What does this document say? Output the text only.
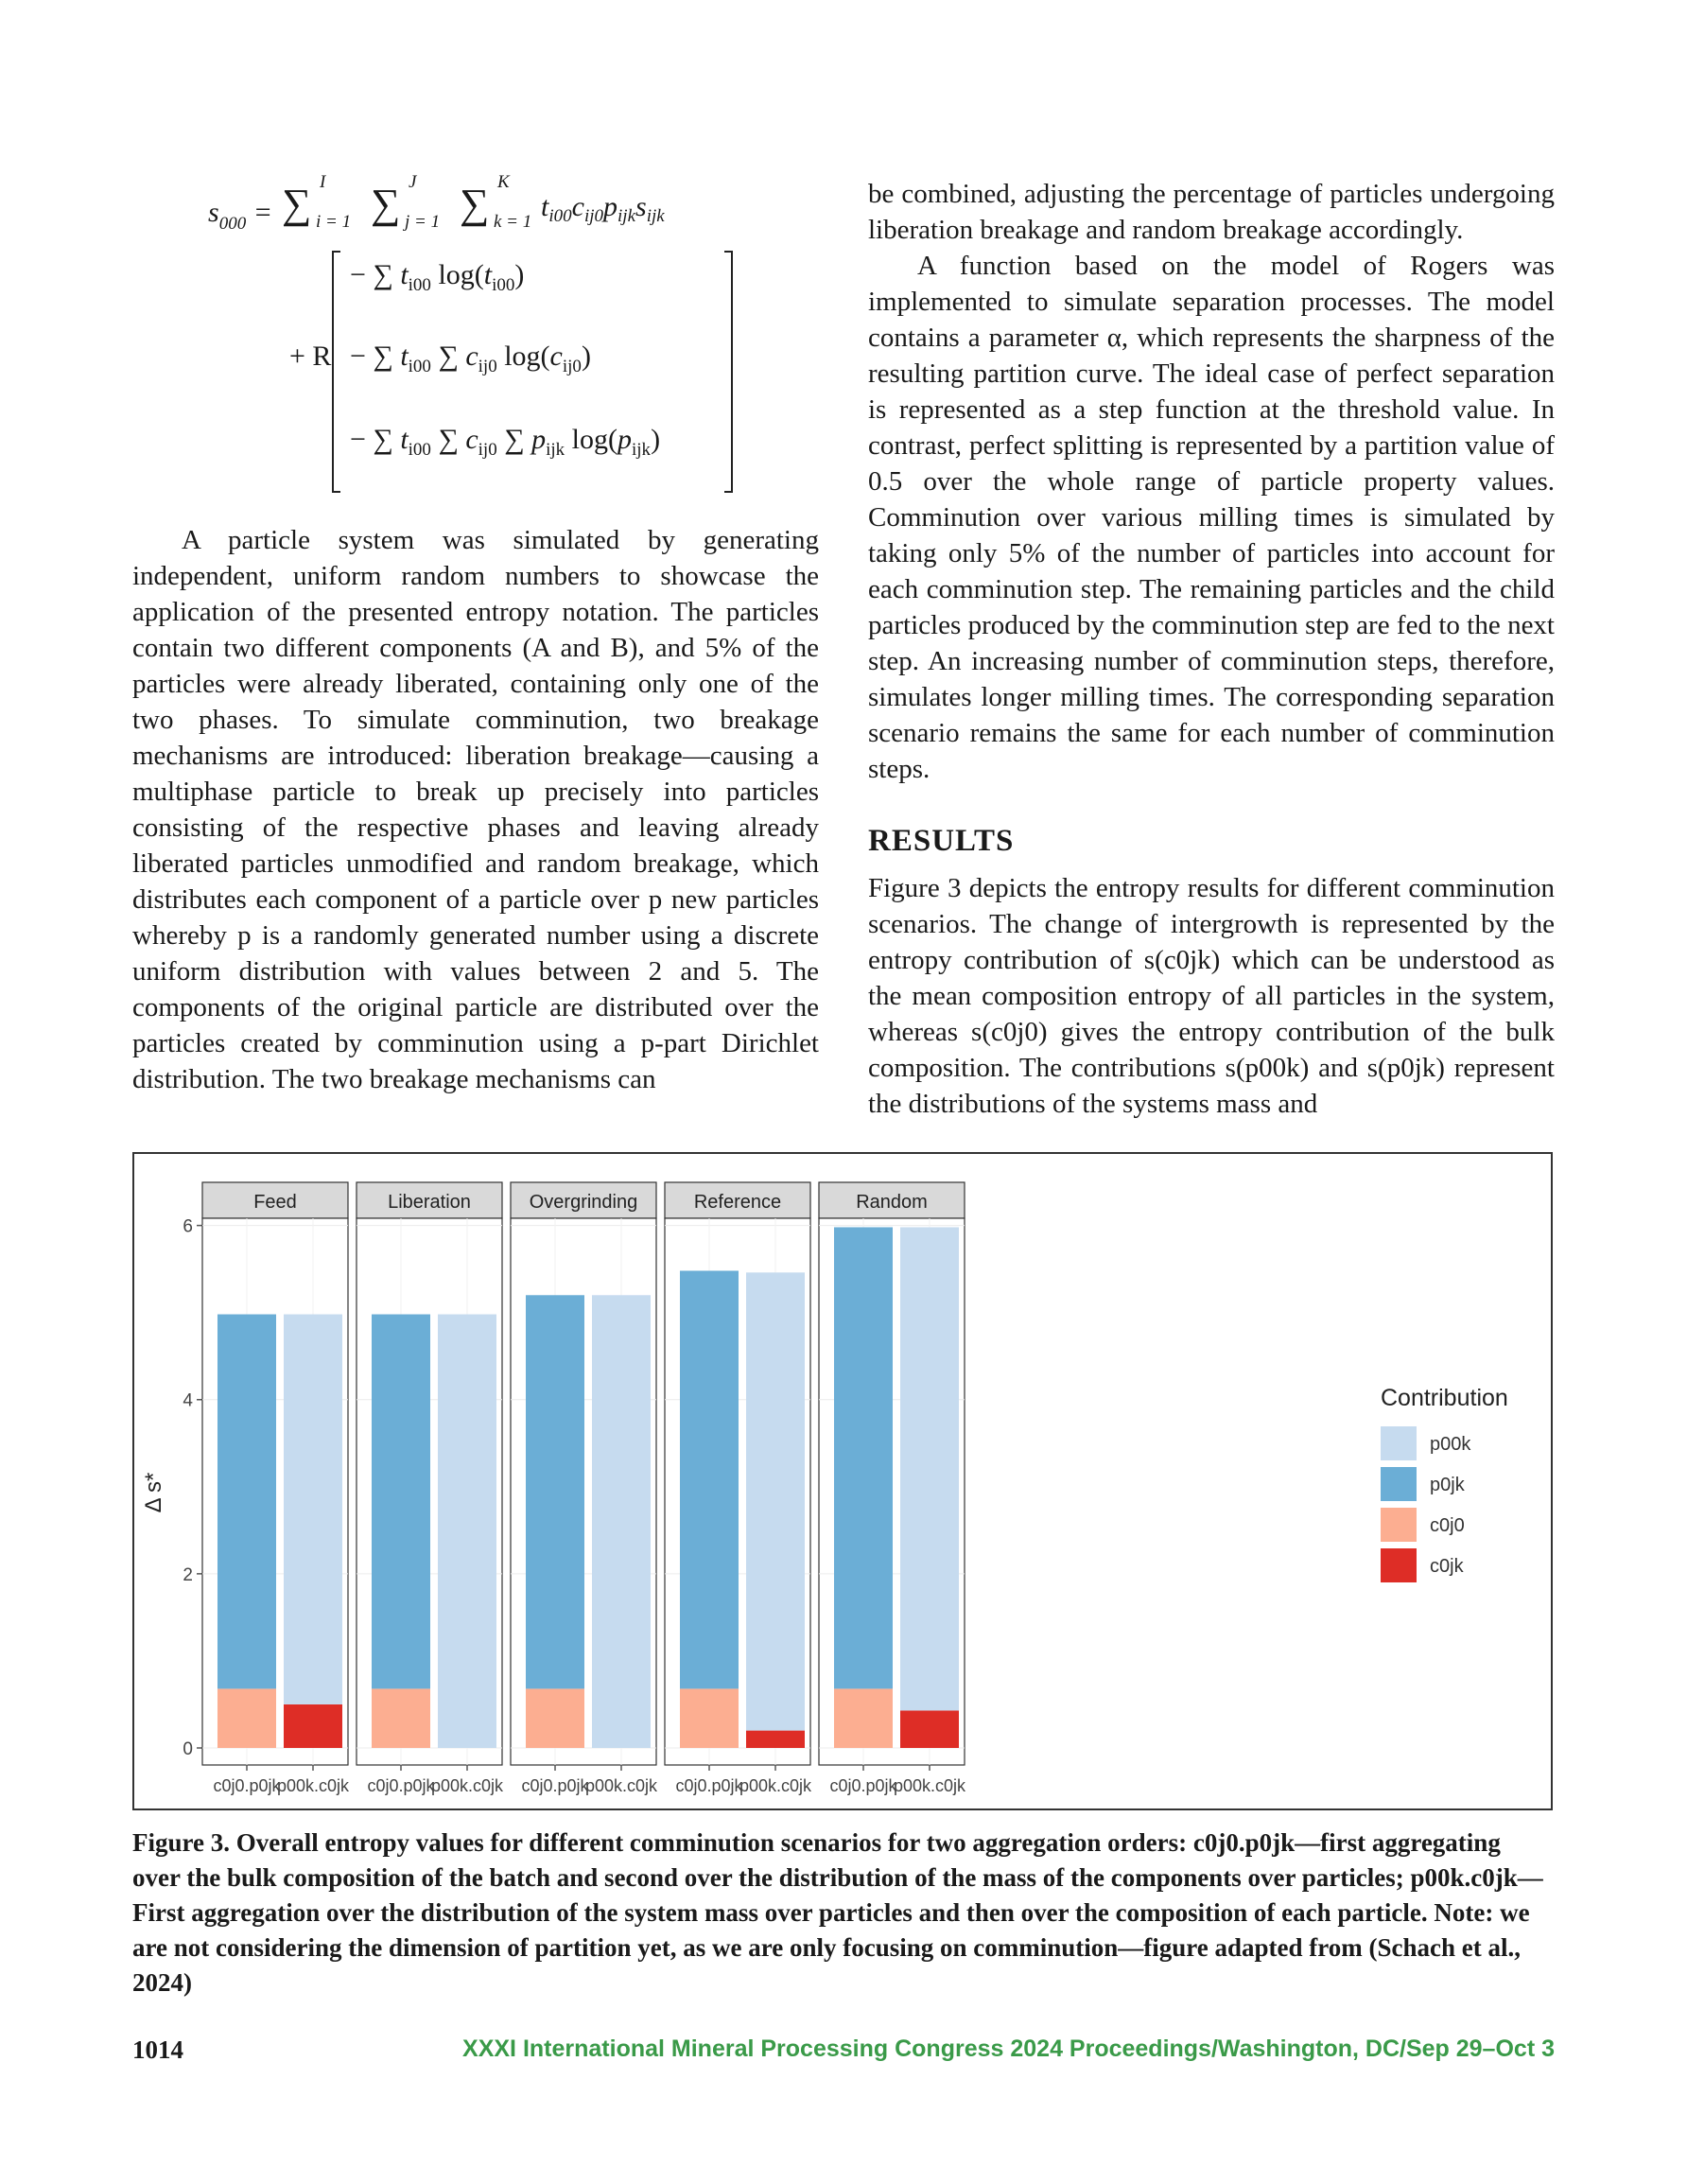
$s_{000}$ = ∑ I
i = 1 ∑ J
j = 1 ∑ K
k = 1 $t_{i00}c_{ij0}p_{ijk}s_{ijk}$
+ R
− ∑ $t_{i00}$ $\log(t_{i00})$
− ∑ $t_{i00}$ ∑ $c_{ij0}$ $\log(c_{ij0})$
− ∑ $t_{i00}$ ∑ $c_{ij0}$ ∑ $p_{ijk}$ $\log(p_{ijk})$

A particle system was simulated by generating independent, uniform random numbers to showcase the application of the presented entropy notation. The particles contain two different components (A and B), and 5% of the particles were already liberated, containing only one of the two phases. To simulate comminution, two breakage mechanisms are introduced: liberation breakage—causing a multiphase particle to break up precisely into particles consisting of the respective phases and leaving already liberated particles unmodified and random breakage, which distributes each component of a particle over p new particles whereby p is a randomly generated number using a discrete uniform distribution with values between 2 and 5. The components of the original particle are distributed over the particles created by comminution using a p-part Dirichlet distribution. The two breakage mechanisms can

be combined, adjusting the percentage of particles undergoing liberation breakage and random breakage accordingly.

A function based on the model of Rogers was implemented to simulate separation processes. The model contains a parameter α, which represents the sharpness of the resulting partition curve. The ideal case of perfect separation is represented as a step function at the threshold value. In contrast, perfect splitting is represented by a partition value of 0.5 over the whole range of particle property values. Comminution over various milling times is simulated by taking only 5% of the number of particles into account for each comminution step. The remaining particles and the child particles produced by the comminution step are fed to the next step. An increasing number of comminution steps, therefore, simulates longer milling times. The corresponding separation scenario remains the same for each number of comminution steps.

RESULTS

Figure 3 depicts the entropy results for different comminution scenarios. The change of intergrowth is represented by the entropy contribution of s(c0jk) which can be understood as the mean composition entropy of all particles in the system, whereas s(c0j0) gives the entropy contribution of the bulk composition. The contributions s(p00k) and s(p0jk) represent the distributions of the systems mass and

Δ s*
0
2
4
6
Feed
c0j0.p0jk
p00k.c0jk
Liberation
c0j0.p0jk
p00k.c0jk
Overgrinding
c0j0.p0jk
p00k.c0jk
Reference
c0j0.p0jk
p00k.c0jk
Random
c0j0.p0jk
p00k.c0jk
Contribution
p00k
p0jk
c0j0
c0jk
Figure 3. Overall entropy values for different comminution scenarios for two aggregation orders: c0j0.p0jk—first aggregating over the bulk composition of the batch and second over the distribution of the mass of the components over particles; p00k.c0jk—First aggregation over the distribution of the system mass over particles and then over the composition of each particle. Note: we are not considering the dimension of partition yet, as we are only focusing on comminution—figure adapted from (Schach et al., 2024)
1014	XXXI International Mineral Processing Congress 2024 Proceedings/Washington, DC/Sep 29–Oct 3
